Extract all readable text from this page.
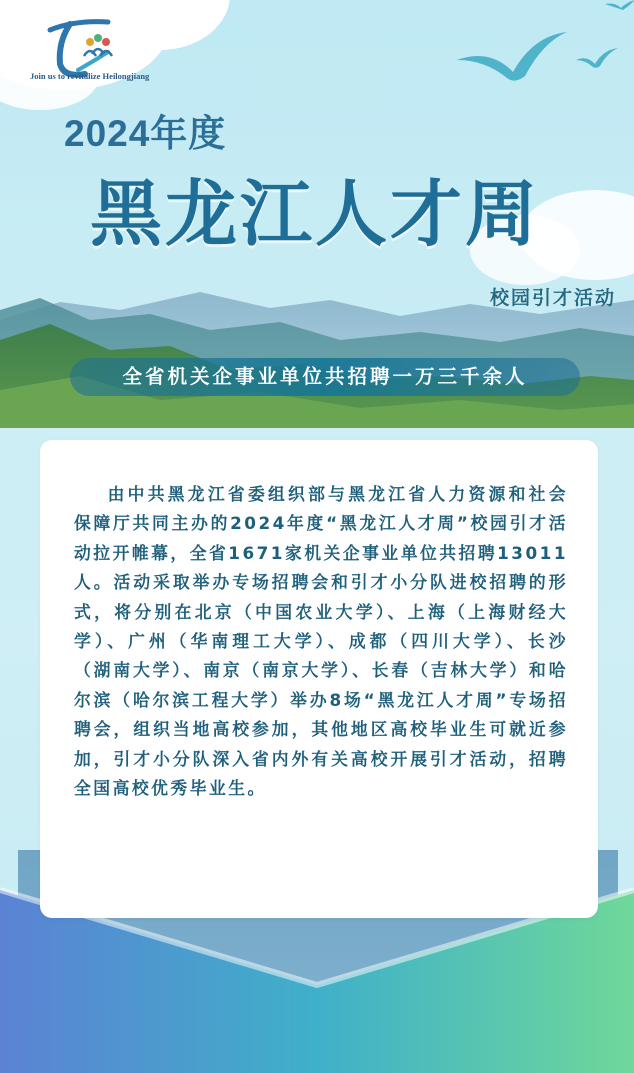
Join us to revitalize Heilongjiang
2024年度
黑龙江人才周
校园引才活动
全省机关企事业单位共招聘一万三千余人

由中共黑龙江省委组织部与黑龙江省人力资源和社会保障厅共同主办的2024年度“黑龙江人才周”校园引才活动拉开帷幕，全省1671家机关企事业单位共招聘13011人。活动采取举办专场招聘会和引才小分队进校招聘的形式，将分别在北京（中国农业大学）、上海（上海财经大学）、广州（华南理工大学）、成都（四川大学）、长沙（湖南大学）、南京（南京大学）、长春（吉林大学）和哈尔滨（哈尔滨工程大学）举办8场“黑龙江人才周”专场招聘会，组织当地高校参加，其他地区高校毕业生可就近参加，引才小分队深入省内外有关高校开展引才活动，招聘全国高校优秀毕业生。
